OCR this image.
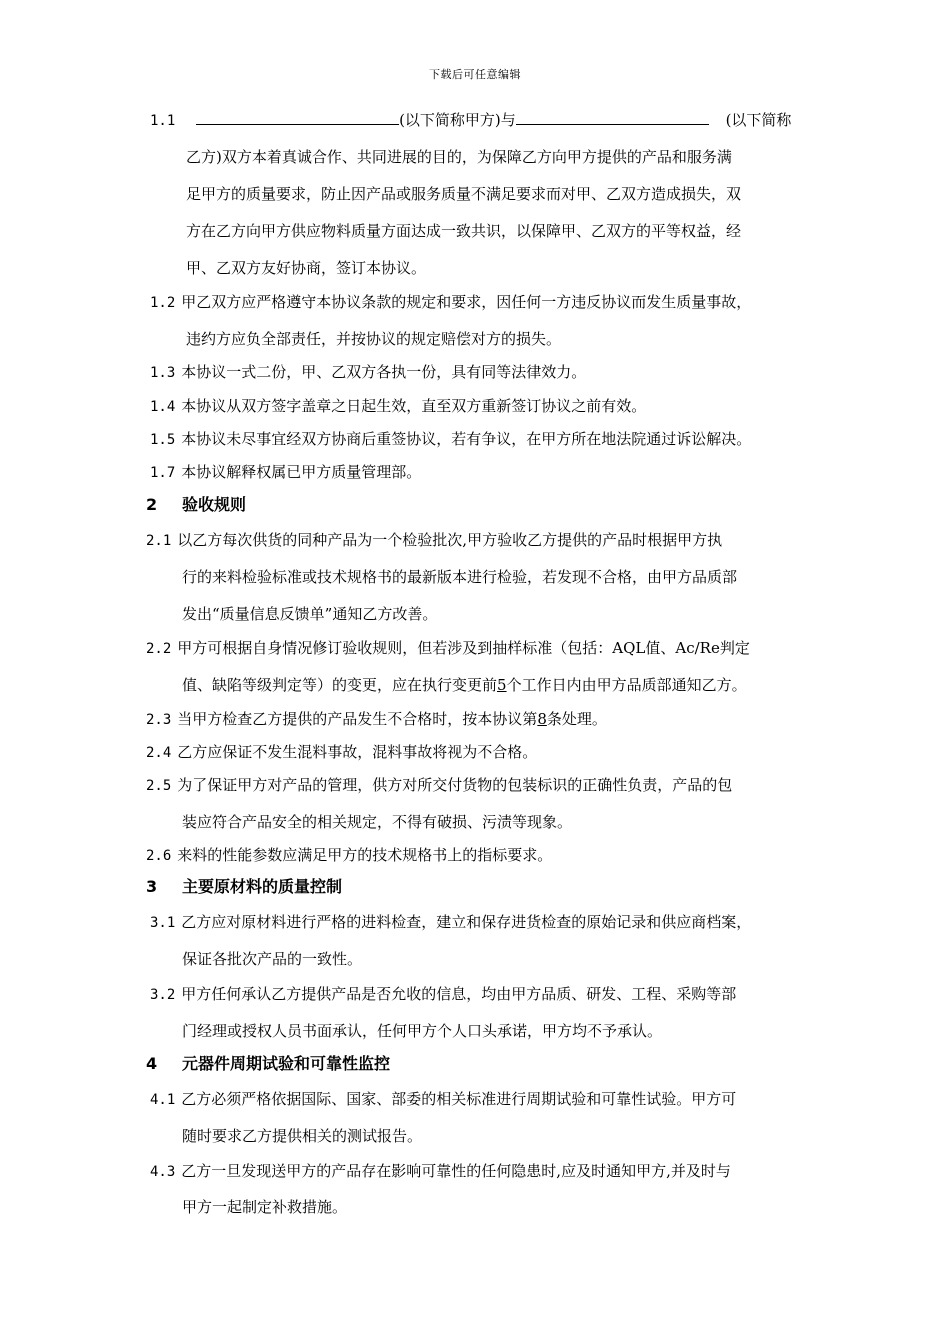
下载后可任意编辑
1.1	(以下简称甲方)与	(以下简称
乙方)双方本着真诚合作、共同进展的目的，为保障乙方向甲方提供的产品和服务满
足甲方的质量要求，防止因产品或服务质量不满足要求而对甲、乙双方造成损失，双
方在乙方向甲方供应物料质量方面达成一致共识，以保障甲、乙双方的平等权益，经
甲、乙双方友好协商，签订本协议。
1.2 甲乙双方应严格遵守本协议条款的规定和要求，因任何一方违反协议而发生质量事故，
违约方应负全部责任，并按协议的规定赔偿对方的损失。
1.3 本协议一式二份，甲、乙双方各执一份，具有同等法律效力。
1.4 本协议从双方签字盖章之日起生效，直至双方重新签订协议之前有效。
1.5 本协议未尽事宜经双方协商后重签协议，若有争议，在甲方所在地法院通过诉讼解决。
1.7 本协议解释权属已甲方质量管理部。
2 验收规则
2.1 以乙方每次供货的同种产品为一个检验批次,甲方验收乙方提供的产品时根据甲方执
行的来料检验标准或技术规格书的最新版本进行检验，若发现不合格，由甲方品质部
发出“质量信息反馈单”通知乙方改善。
2.2 甲方可根据自身情况修订验收规则，但若涉及到抽样标准（包括：AQL值、Ac/Re判定
值、缺陷等级判定等）的变更，应在执行变更前5个工作日内由甲方品质部通知乙方。
2.3 当甲方检查乙方提供的产品发生不合格时，按本协议第8条处理。
2.4 乙方应保证不发生混料事故，混料事故将视为不合格。
2.5 为了保证甲方对产品的管理，供方对所交付货物的包装标识的正确性负责，产品的包
装应符合产品安全的相关规定，不得有破损、污渍等现象。
2.6 来料的性能参数应满足甲方的技术规格书上的指标要求。
3 主要原材料的质量控制
3.1 乙方应对原材料进行严格的进料检查，建立和保存进货检查的原始记录和供应商档案，
保证各批次产品的一致性。
3.2 甲方任何承认乙方提供产品是否允收的信息，均由甲方品质、研发、工程、采购等部
门经理或授权人员书面承认，任何甲方个人口头承诺，甲方均不予承认。
4 元器件周期试验和可靠性监控
4.1 乙方必须严格依据国际、国家、部委的相关标准进行周期试验和可靠性试验。甲方可
随时要求乙方提供相关的测试报告。
4.3 乙方一旦发现送甲方的产品存在影响可靠性的任何隐患时,应及时通知甲方,并及时与
甲方一起制定补救措施。
